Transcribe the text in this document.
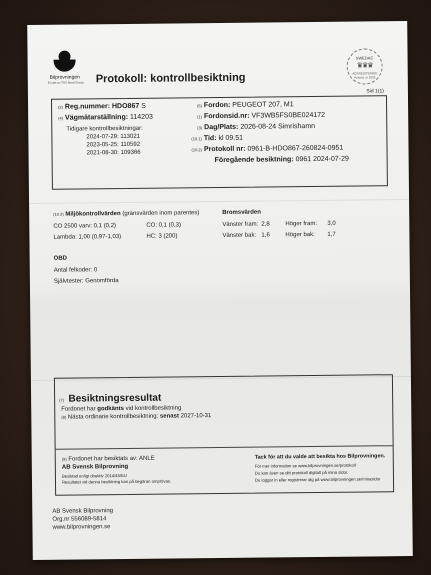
Bilprovningen
En del av TÜV Nord Group Protokoll: kontrollbesiktning
SWEDAC
♛♛♛
ACKREDITERING
Ackred. nr 1002
Sid 1(1)
(2) Reg.nummer: HDO867 S
(4) Vägmätarställning: 114203
Tidigare kontrollbesiktningar:
2024-07-29: 113021
2023-05-25: 110592
2021-08-30: 109366
(5) Fordon: PEUGEOT 207, M1
(1) Fordonsid.nr: VF3WB5FS0BE024172
(3) Dag/Plats: 2026-08-24 Simrishamn
(10.1) Tid: kl 09.51
(10.2) Protokoll nr: 0961-B-HDO867-260824-0951
Föregående besiktning: 0961 2024-07-29
(10.3) Miljökontrollvärden (gränsvärden inom parentes)
CO 2500 varv: 0,1 (0,2)	CO: 0,1 (0,3)
Lambda: 1,00 (0,97-1,03)	HC: 3 (200)
Bromsvärden
Vänster fram: 2,8	Höger fram: 3,0
Vänster bak: 1,6	Höger bak: 1,7
OBD
Antal felkoder: 0
Självtester: Genomförda
(7) Besiktningsresultat
Fordonet har godkänts vid kontrollbesiktning
(8) Nästa ordinarie kontrollbesiktning: senast 2027-10-31
(9) Fordonet har besiktats av: ANLE
AB Svensk Bilprovning
Besiktad enligt direktiv 2014/45/EU
Resultatet vid denna besiktning kan på begäran omprövas.
Tack för att du valde att besikta hos Bilprovningen.
För mer information se www.bilprovningen.se/protokoll
Du kan även se ditt protokoll digitalt på mina sidor.
Du loggar in eller registrerar dig på www.bilprovningen.se/minasidor
AB Svensk Bilprovning
Org.nr 556089-5814
www.bilprovningen.se
